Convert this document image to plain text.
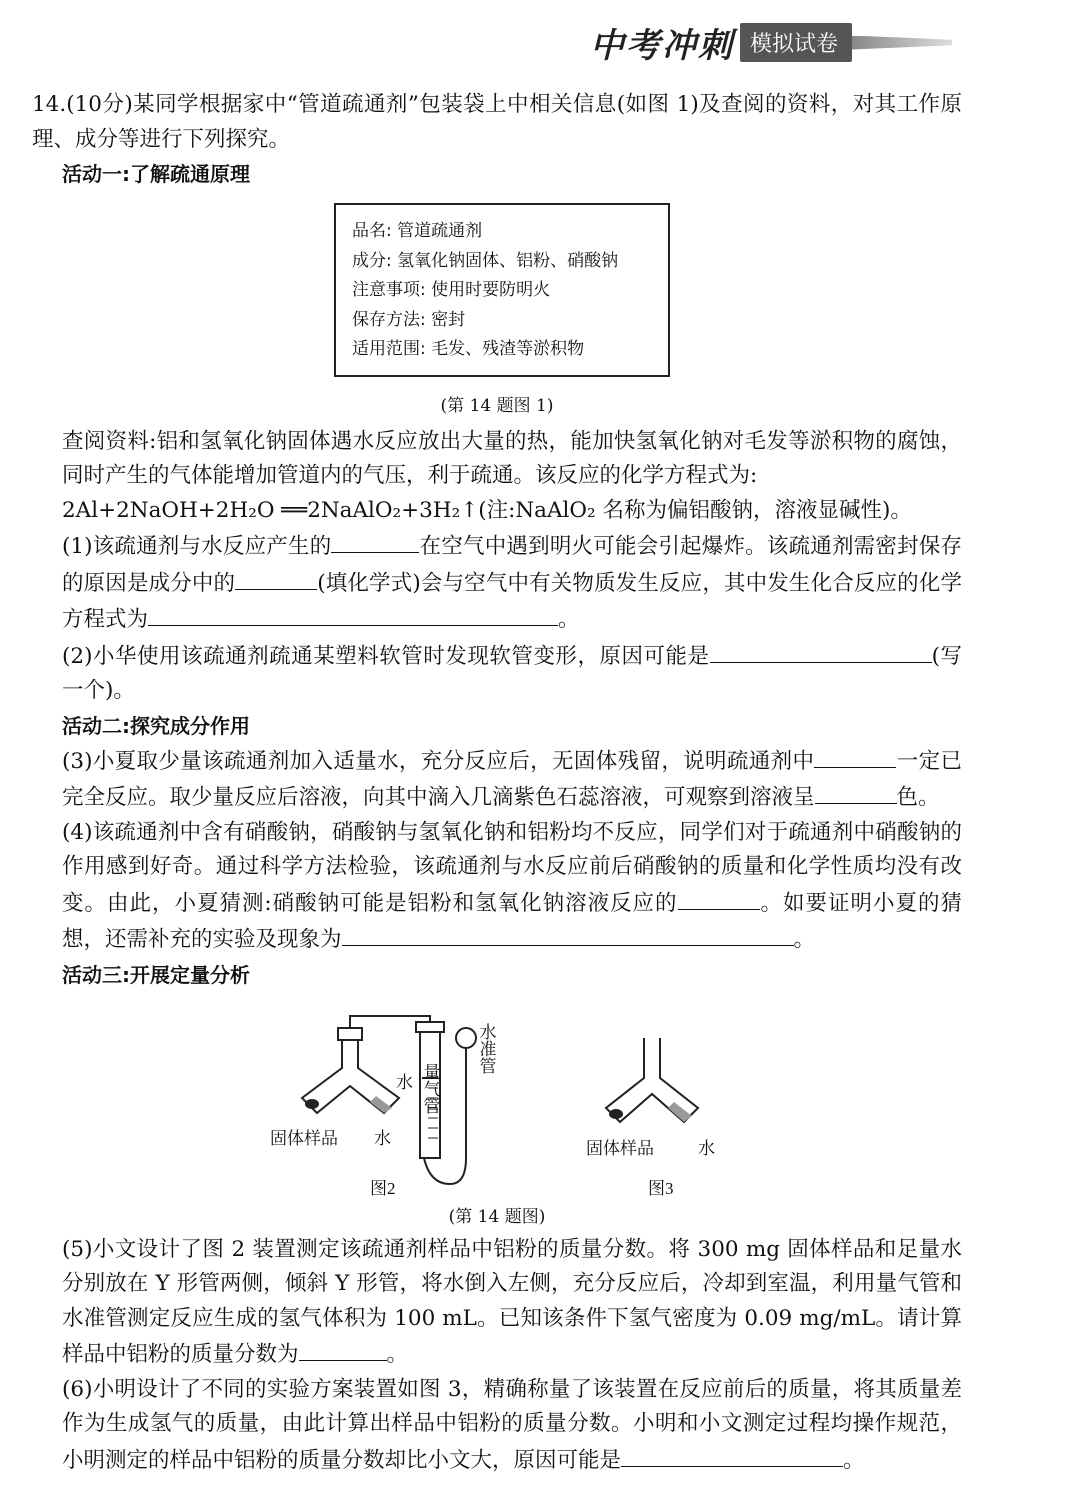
中考冲刺 模拟试卷

14.(10分)某同学根据家中“管道疏通剂”包装袋上中相关信息(如图 1)及查阅的资料，对其工作原理、成分等进行下列探究。

活动一:了解疏通原理
品名: 管道疏通剂
成分: 氢氧化钠固体、铝粉、硝酸钠
注意事项: 使用时要防明火
保存方法: 密封
适用范围: 毛发、残渣等淤积物
(第 14 题图 1)

查阅资料:铝和氢氧化钠固体遇水反应放出大量的热，能加快氢氧化钠对毛发等淤积物的腐蚀，同时产生的气体能增加管道内的气压，利于疏通。该反应的化学方程式为:

2Al+2NaOH+2H₂O ══2NaAlO₂+3H₂↑(注:NaAlO₂ 名称为偏铝酸钠，溶液显碱性)。

(1)该疏通剂与水反应产生的	在空气中遇到明火可能会引起爆炸。该疏通剂需密封保存的原因是成分中的	(填化学式)会与空气中有关物质发生反应，其中发生化合反应的化学方程式为	。

(2)小华使用该疏通剂疏通某塑料软管时发现软管变形，原因可能是	(写一个)。

活动二:探究成分作用

(3)小夏取少量该疏通剂加入适量水，充分反应后，无固体残留，说明疏通剂中	一定已完全反应。取少量反应后溶液，向其中滴入几滴紫色石蕊溶液，可观察到溶液呈	色。

(4)该疏通剂中含有硝酸钠，硝酸钠与氢氧化钠和铝粉均不反应，同学们对于疏通剂中硝酸钠的作用感到好奇。通过科学方法检验，该疏通剂与水反应前后硝酸钠的质量和化学性质均没有改变。由此，小夏猜测:硝酸钠可能是铝粉和氢氧化钠溶液反应的	。如要证明小夏的猜想，还需补充的实验及现象为	。

活动三:开展定量分析
固体样品 水
水
图2
量气管
水准管
固体样品	水
图3
(第 14 题图)

(5)小文设计了图 2 装置测定该疏通剂样品中铝粉的质量分数。将 300 mg 固体样品和足量水分别放在 Y 形管两侧，倾斜 Y 形管，将水倒入左侧，充分反应后，冷却到室温，利用量气管和水准管测定反应生成的氢气体积为 100 mL。已知该条件下氢气密度为 0.09 mg/mL。请计算样品中铝粉的质量分数为	。

(6)小明设计了不同的实验方案装置如图 3，精确称量了该装置在反应前后的质量，将其质量差作为生成氢气的质量，由此计算出样品中铝粉的质量分数。小明和小文测定过程均操作规范，小明测定的样品中铝粉的质量分数却比小文大，原因可能是	。
